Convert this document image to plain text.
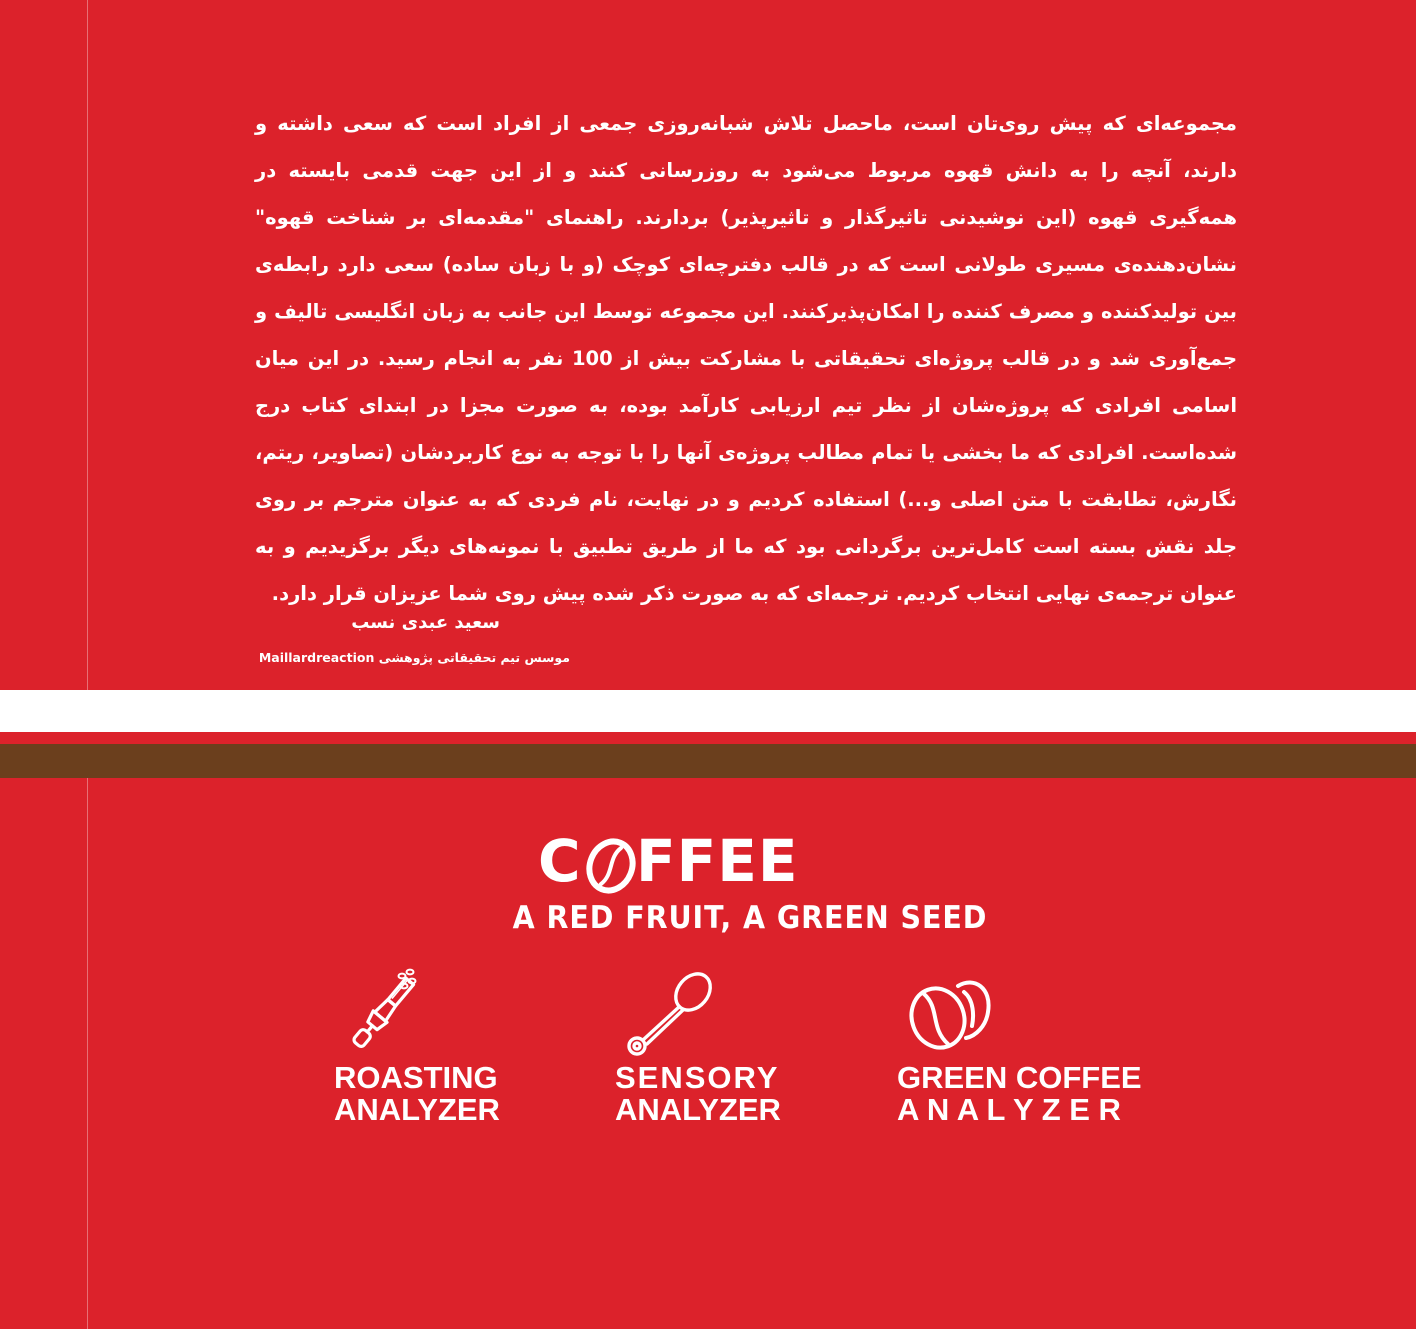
مجموعه‌ای که پیش روی‌تان است، ماحصل تلاش شبانه‌روزی جمعی از افراد است که سعی داشته و دارند، آنچه را به دانش قهوه مربوط می‌شود به روزرسانی کنند و از این جهت قدمی بایسته در همه‌گیری قهوه (این نوشیدنی تاثیرگذار و تاثیرپذیر) بردارند. راهنمای "مقدمه‌ای بر شناخت قهوه" نشان‌دهنده‌ی مسیری طولانی است که در قالب دفترچه‌ای کوچک (و با زبان ساده) سعی دارد رابطه‌ی بین تولیدکننده و مصرف کننده را امکان‌پذیرکنند. این مجموعه توسط این جانب به زبان انگلیسی تالیف و جمع‌آوری شد و در قالب پروژه‌ای تحقیقاتی با مشارکت بیش از 100 نفر به انجام رسید. در این میان اسامی افرادی که پروژه‌شان از نظر تیم ارزیابی کارآمد بوده، به صورت مجزا در ابتدای کتاب درج شده‌است. افرادی که ما بخشی یا تمام مطالب پروژه‌ی آنها را با توجه به نوع کاربردشان (تصاویر، ریتم، نگارش، تطابقت با متن اصلی و...) استفاده کردیم و در نهایت، نام فردی که به عنوان مترجم بر روی جلد نقش بسته است کامل‌ترین برگردانی بود که ما از طریق تطبیق با نمونه‌های دیگر برگزیدیم و به عنوان ترجمه‌ی نهایی انتخاب کردیم. ترجمه‌ای که به صورت ذکر شده پیش روی شما عزیزان قرار دارد.

سعید عبدی نسب
موسس تیم تحقیقاتی پژوهشی Maillardreaction
C FFEE
A RED FRUIT, A GREEN SEED
ROASTING
ANALYZER
SENSORY
ANALYZER
GREEN COFFEE
A N A L Y Z E R
